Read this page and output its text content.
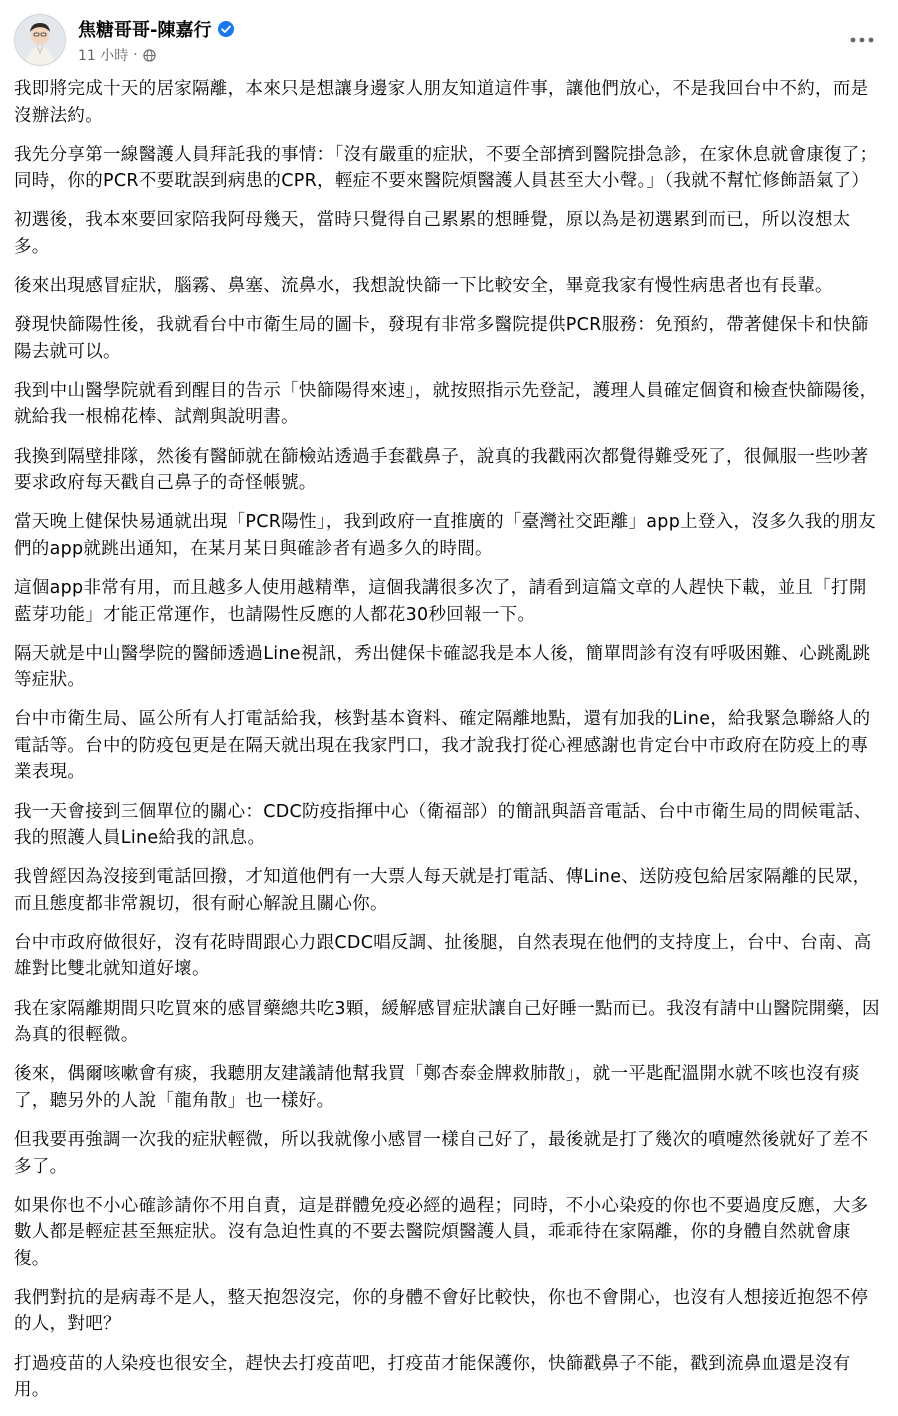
焦糖哥哥-陳嘉行
11 小時 ·

我即將完成十天的居家隔離，本來只是想讓身邊家人朋友知道這件事，讓他們放心，不是我回台中不約，而是沒辦法約。

我先分享第一線醫護人員拜託我的事情：「沒有嚴重的症狀，不要全部擠到醫院掛急診，在家休息就會康復了；同時，你的PCR不要耽誤到病患的CPR，輕症不要來醫院煩醫護人員甚至大小聲。」（我就不幫忙修飾語氣了）

初選後，我本來要回家陪我阿母幾天，當時只覺得自己累累的想睡覺，原以為是初選累到而已，所以沒想太多。

後來出現感冒症狀，腦霧、鼻塞、流鼻水，我想說快篩一下比較安全，畢竟我家有慢性病患者也有長輩。

發現快篩陽性後，我就看台中市衛生局的圖卡，發現有非常多醫院提供PCR服務：免預約，帶著健保卡和快篩陽去就可以。

我到中山醫學院就看到醒目的告示「快篩陽得來速」，就按照指示先登記，護理人員確定個資和檢查快篩陽後，就給我一根棉花棒、試劑與說明書。

我換到隔壁排隊，然後有醫師就在篩檢站透過手套戳鼻子，說真的我戳兩次都覺得難受死了，很佩服一些吵著要求政府每天戳自己鼻子的奇怪帳號。

當天晚上健保快易通就出現「PCR陽性」，我到政府一直推廣的「臺灣社交距離」app上登入，沒多久我的朋友們的app就跳出通知，在某月某日與確診者有過多久的時間。

這個app非常有用，而且越多人使用越精準，這個我講很多次了，請看到這篇文章的人趕快下載，並且「打開藍芽功能」才能正常運作，也請陽性反應的人都花30秒回報一下。

隔天就是中山醫學院的醫師透過Line視訊，秀出健保卡確認我是本人後，簡單問診有沒有呼吸困難、心跳亂跳等症狀。

台中市衛生局、區公所有人打電話給我，核對基本資料、確定隔離地點，還有加我的Line，給我緊急聯絡人的電話等。台中的防疫包更是在隔天就出現在我家門口，我才說我打從心裡感謝也肯定台中市政府在防疫上的專業表現。

我一天會接到三個單位的關心：CDC防疫指揮中心（衛福部）的簡訊與語音電話、台中市衛生局的問候電話、我的照護人員Line給我的訊息。

我曾經因為沒接到電話回撥，才知道他們有一大票人每天就是打電話、傳Line、送防疫包給居家隔離的民眾，而且態度都非常親切，很有耐心解說且關心你。

台中市政府做很好，沒有花時間跟心力跟CDC唱反調、扯後腿，自然表現在他們的支持度上，台中、台南、高雄對比雙北就知道好壞。

我在家隔離期間只吃買來的感冒藥總共吃3顆，緩解感冒症狀讓自己好睡一點而已。我沒有請中山醫院開藥，因為真的很輕微。

後來，偶爾咳嗽會有痰，我聽朋友建議請他幫我買「鄭杏泰金牌救肺散」，就一平匙配溫開水就不咳也沒有痰了，聽另外的人說「龍角散」也一樣好。

但我要再強調一次我的症狀輕微，所以我就像小感冒一樣自己好了，最後就是打了幾次的噴嚏然後就好了差不多了。

如果你也不小心確診請你不用自責，這是群體免疫必經的過程；同時，不小心染疫的你也不要過度反應，大多數人都是輕症甚至無症狀。沒有急迫性真的不要去醫院煩醫護人員，乖乖待在家隔離，你的身體自然就會康復。

我們對抗的是病毒不是人，整天抱怨沒完，你的身體不會好比較快，你也不會開心，也沒有人想接近抱怨不停的人，對吧？

打過疫苗的人染疫也很安全，趕快去打疫苗吧，打疫苗才能保護你，快篩戳鼻子不能，戳到流鼻血還是沒有用。
